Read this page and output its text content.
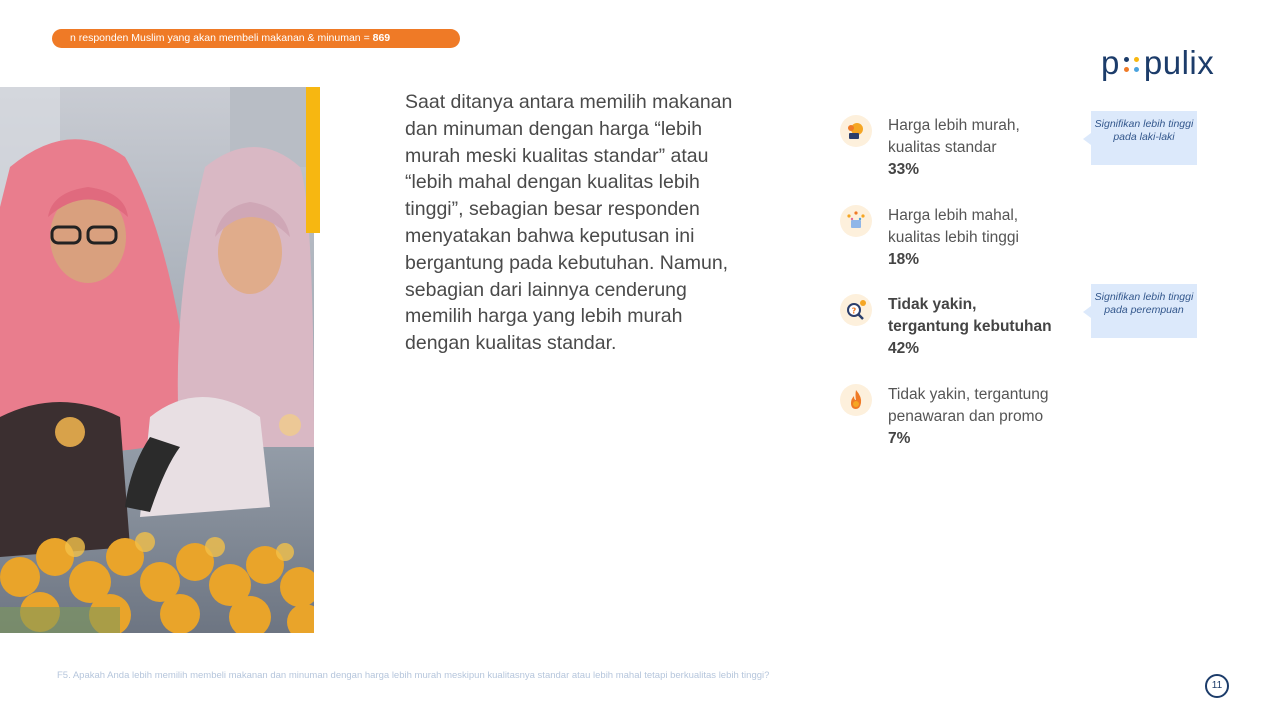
n responden Muslim yang akan membeli makanan & minuman = 869
p pulix
Saat ditanya antara memilih makanan dan minuman dengan harga “lebih murah meski kualitas standar” atau “lebih mahal dengan kualitas lebih tinggi”, sebagian besar responden menyatakan bahwa keputusan ini bergantung pada kebutuhan. Namun, sebagian dari lainnya cenderung memilih harga yang lebih murah dengan kualitas standar.
Harga lebih murah,
kualitas standar
33%
Harga lebih mahal,
kualitas lebih tinggi
18%
? Tidak yakin,
tergantung kebutuhan
42%
Tidak yakin, tergantung
penawaran dan promo
7%
Signifikan lebih tinggi pada laki-laki
Signifikan lebih tinggi pada perempuan
F5. Apakah Anda lebih memilih membeli makanan dan minuman dengan harga lebih murah meskipun kualitasnya standar atau lebih mahal tetapi berkualitas lebih tinggi?
11
